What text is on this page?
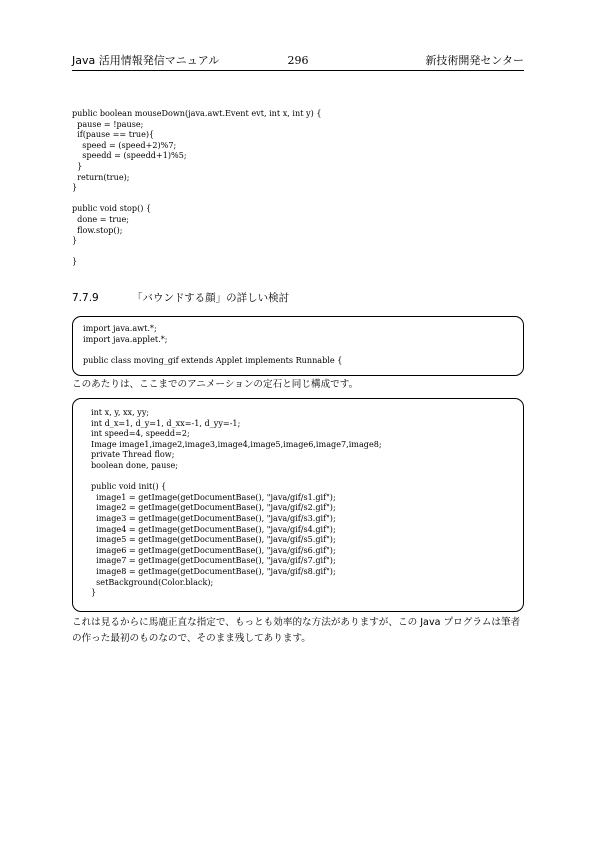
Java 活用情報発信マニュアル	296	新技術開発センター
public boolean mouseDown(java.awt.Event evt, int x, int y) {
pause = !pause;
if(pause == true){
speed = (speed+2)%7;
speedd = (speedd+1)%5;
}
return(true);
}

public void stop() {
done = true;
flow.stop();
}

}
7.7.9	「バウンドする顔」の詳しい検討
import java.awt.*;
import java.applet.*;

public class moving_gif extends Applet implements Runnable {
このあたりは、ここまでのアニメーションの定石と同じ構成です。
int x, y, xx, yy;
int d_x=1, d_y=1, d_xx=-1, d_yy=-1;
int speed=4, speedd=2;
Image image1,image2,image3,image4,image5,image6,image7,image8;
private Thread flow;
boolean done, pause;

public void init() {
image1 = getImage(getDocumentBase(), "java/gif/s1.gif");
image2 = getImage(getDocumentBase(), "java/gif/s2.gif");
image3 = getImage(getDocumentBase(), "java/gif/s3.gif");
image4 = getImage(getDocumentBase(), "java/gif/s4.gif");
image5 = getImage(getDocumentBase(), "java/gif/s5.gif");
image6 = getImage(getDocumentBase(), "java/gif/s6.gif");
image7 = getImage(getDocumentBase(), "java/gif/s7.gif");
image8 = getImage(getDocumentBase(), "java/gif/s8.gif");
setBackground(Color.black);
}
これは見るからに馬鹿正直な指定で、もっとも効率的な方法がありますが、この Java プログラムは筆者の作った最初のものなので、そのまま残してあります。
